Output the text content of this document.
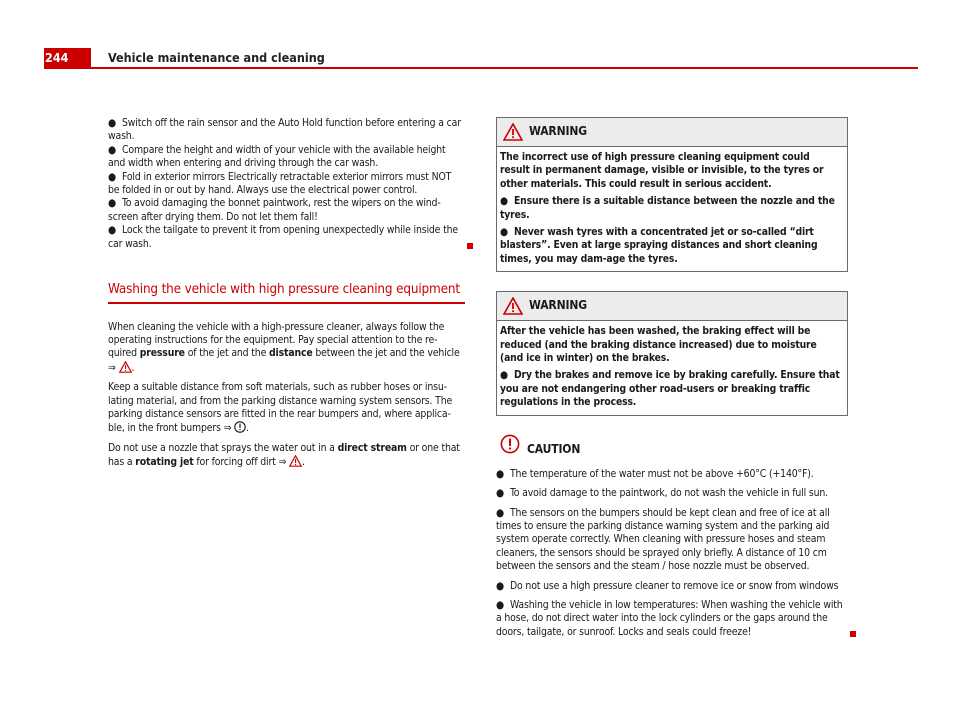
244	Vehicle maintenance and cleaning

● Switch off the rain sensor and the Auto Hold function before entering a car wash.

● Compare the height and width of your vehicle with the available height and width when entering and driving through the car wash.

● Fold in exterior mirrors Electrically retractable exterior mirrors must NOT be folded in or out by hand. Always use the electrical power control.

● To avoid damaging the bonnet paintwork, rest the wipers on the wind-screen after drying them. Do not let them fall!

● Lock the tailgate to prevent it from opening unexpectedly while inside the car wash.

Washing the vehicle with high pressure cleaning equipment

When cleaning the vehicle with a high-pressure cleaner, always follow the operating instructions for the equipment. Pay special attention to the re-quired pressure of the jet and the distance between the jet and the vehicle ⇒ .

Keep a suitable distance from soft materials, such as rubber hoses or insu-lating material, and from the parking distance warning system sensors. The parking distance sensors are fitted in the rear bumpers and, where applica-ble, in the front bumpers ⇒ .

Do not use a nozzle that sprays the water out in a direct stream or one that has a rotating jet for forcing off dirt ⇒ .

WARNING

The incorrect use of high pressure cleaning equipment could result in permanent damage, visible or invisible, to the tyres or other materials. This could result in serious accident.

● Ensure there is a suitable distance between the nozzle and the tyres.

● Never wash tyres with a concentrated jet or so-called “dirt blasters”. Even at large spraying distances and short cleaning times, you may dam-age the tyres.

WARNING

After the vehicle has been washed, the braking effect will be reduced (and the braking distance increased) due to moisture (and ice in winter) on the brakes.

● Dry the brakes and remove ice by braking carefully. Ensure that you are not endangering other road-users or breaking traffic regulations in the process.

CAUTION

● The temperature of the water must not be above +60°C (+140°F).

● To avoid damage to the paintwork, do not wash the vehicle in full sun.

● The sensors on the bumpers should be kept clean and free of ice at all times to ensure the parking distance warning system and the parking aid system operate correctly. When cleaning with pressure hoses and steam cleaners, the sensors should be sprayed only briefly. A distance of 10 cm between the sensors and the steam / hose nozzle must be observed.

● Do not use a high pressure cleaner to remove ice or snow from windows

● Washing the vehicle in low temperatures: When washing the vehicle with a hose, do not direct water into the lock cylinders or the gaps around the doors, tailgate, or sunroof. Locks and seals could freeze!
